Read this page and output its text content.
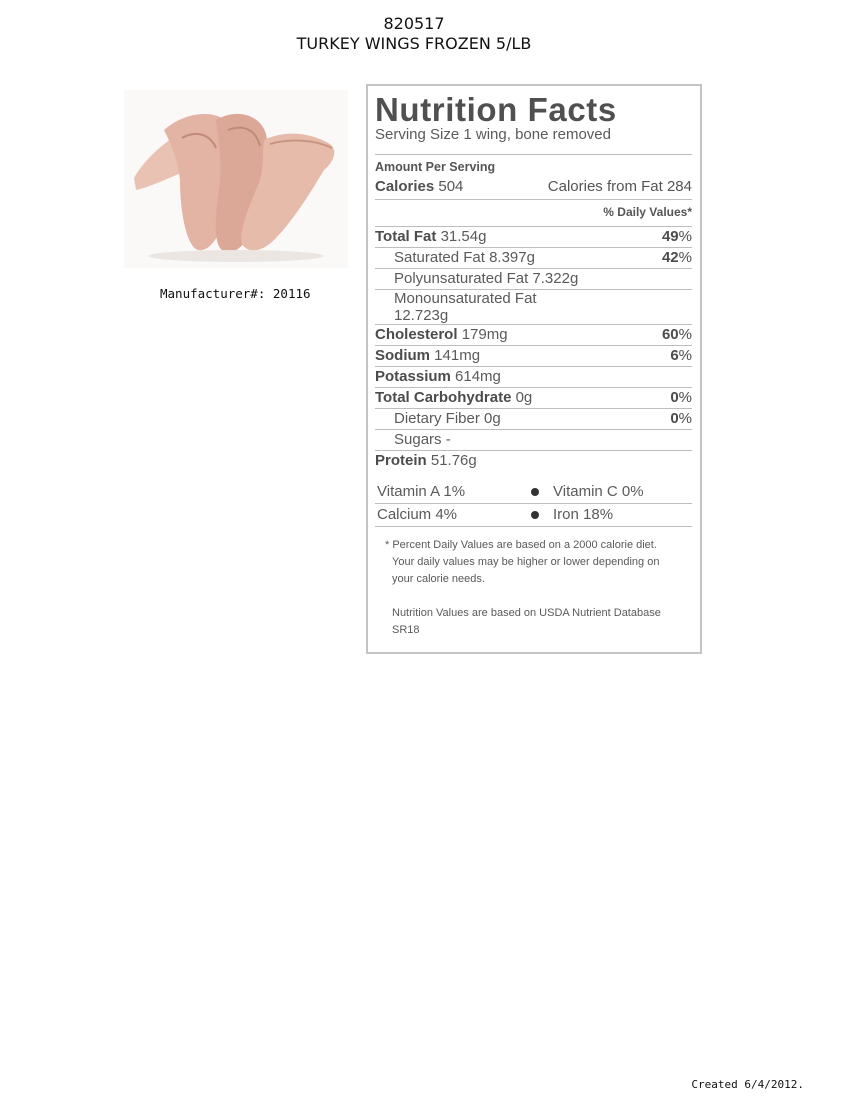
820517
TURKEY WINGS FROZEN 5/LB
Manufacturer#: 20116
Nutrition Facts
Serving Size 1 wing, bone removed
Amount Per Serving
Calories 504	Calories from Fat 284
% Daily Values*
Total Fat 31.54g	49%
Saturated Fat 8.397g	42%
Polyunsaturated Fat 7.322g
Monounsaturated Fat 12.723g
Cholesterol 179mg	60%
Sodium 141mg	6%
Potassium 614mg
Total Carbohydrate 0g	0%
Dietary Fiber 0g	0%
Sugars -
Protein 51.76g
Vitamin A 1%	Vitamin C 0%
Calcium 4%	Iron 18%
* Percent Daily Values are based on a 2000 calorie diet.
Your daily values may be higher or lower depending on
your calorie needs.
Nutrition Values are based on USDA Nutrient Database
SR18
Created 6/4/2012.
